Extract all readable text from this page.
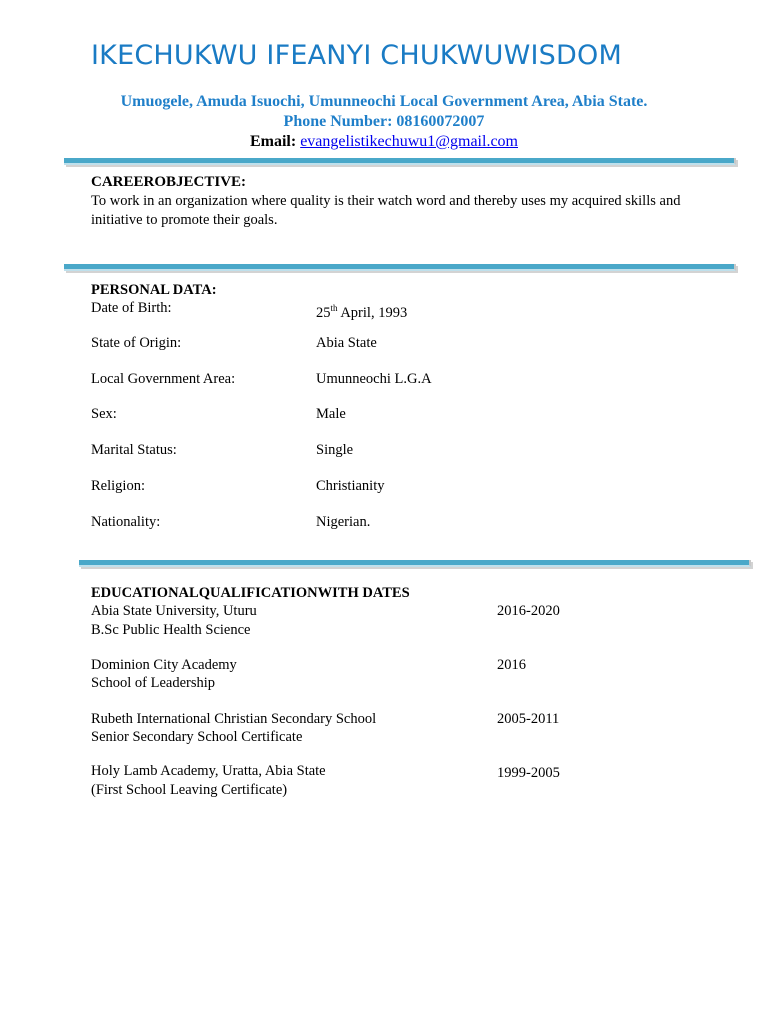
IKECHUKWU IFEANYI CHUKWUWISDOM
Umuogele, Amuda Isuochi, Umunneochi Local Government Area, Abia State.
Phone Number: 08160072007
Email: evangelistikechuwu1@gmail.com
CAREEROBJECTIVE:
To work in an organization where quality is their watch word and thereby uses my acquired skills and initiative to promote their goals.
PERSONAL DATA:
Date of Birth:	25th April, 1993
State of Origin:	Abia State
Local Government Area:	Umunneochi L.G.A
Sex:	Male
Marital Status:	Single
Religion:	Christianity
Nationality:	Nigerian.
EDUCATIONALQUALIFICATIONWITH DATES
Abia State University, Uturu
B.Sc Public Health Science
2016-2020
Dominion City Academy
School of Leadership
2016
Rubeth International Christian Secondary School
Senior Secondary School Certificate
2005-2011
Holy Lamb Academy, Uratta, Abia State
(First School Leaving Certificate)
1999-2005
